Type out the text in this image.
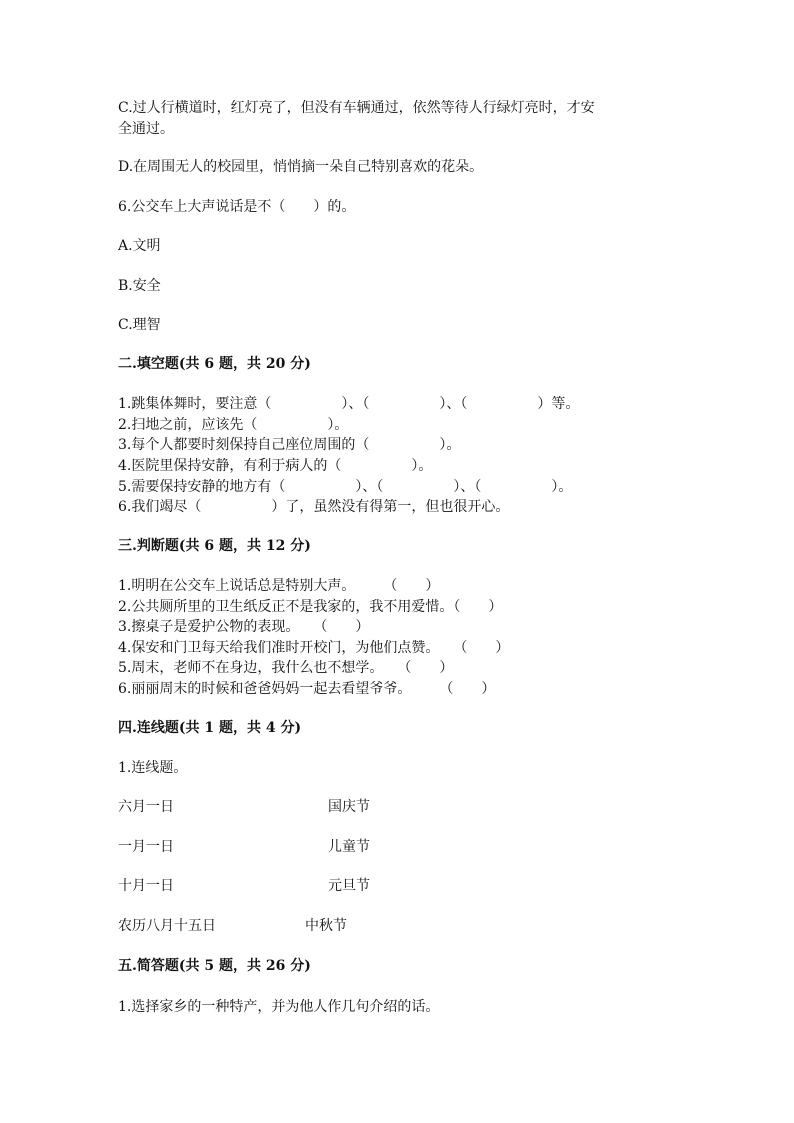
C.过人行横道时，红灯亮了，但没有车辆通过，依然等待人行绿灯亮时，才安
全通过。
D.在周围无人的校园里，悄悄摘一朵自己特别喜欢的花朵。
6.公交车上大声说话是不（　　）的。
A.文明
B.安全
C.理智
二.填空题(共 6 题，共 20 分)
1.跳集体舞时，要注意（　　　　　）、（　　　　　）、（　　　　　）等。
2.扫地之前，应该先（　　　　　）。
3.每个人都要时刻保持自己座位周围的（　　　　　）。
4.医院里保持安静，有利于病人的（　　　　　）。
5.需要保持安静的地方有（　　　　　）、（　　　　　）、（　　　　　）。
6.我们竭尽（　　　　　）了，虽然没有得第一，但也很开心。
三.判断题(共 6 题，共 12 分)
1.明明在公交车上说话总是特别大声。　　　（　　）
2.公共厕所里的卫生纸反正不是我家的，我不用爱惜。（　　）
3.擦桌子是爱护公物的表现。　　（　　）
4.保安和门卫每天给我们准时开校门，为他们点赞。　　（　　）
5.周末，老师不在身边，我什么也不想学。　　（　　）
6.丽丽周末的时候和爸爸妈妈一起去看望爷爷。　　　（　　）
四.连线题(共 1 题，共 4 分)
1.连线题。
六月一日	国庆节
一月一日	儿童节
十月一日	元旦节
农历八月十五日	中秋节
五.简答题(共 5 题，共 26 分)
1.选择家乡的一种特产，并为他人作几句介绍的话。
